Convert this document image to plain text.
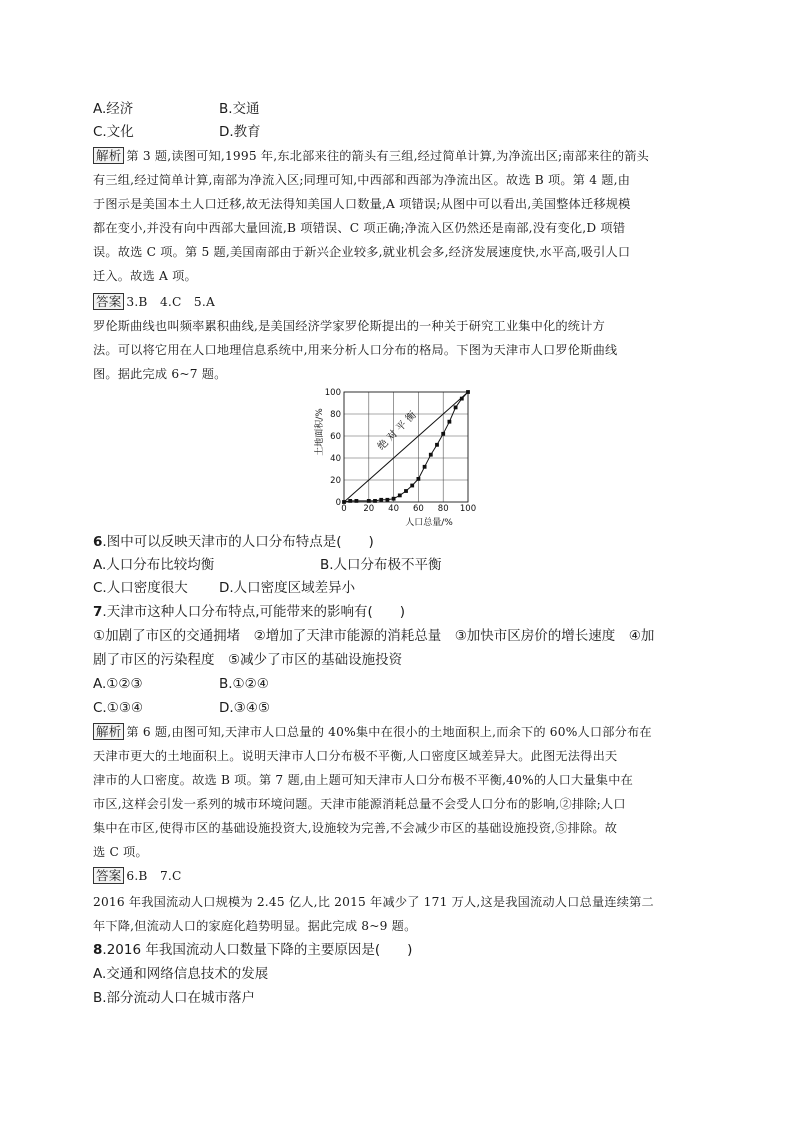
A.经济	B.交通
C.文化	D.教育
解析 第 3 题,读图可知,1995 年,东北部来往的箭头有三组,经过简单计算,为净流出区;南部来往的箭头
有三组,经过简单计算,南部为净流入区;同理可知,中西部和西部为净流出区。故选 B 项。第 4 题,由
于图示是美国本土人口迁移,故无法得知美国人口数量,A 项错误;从图中可以看出,美国整体迁移规模
都在变小,并没有向中西部大量回流,B 项错误、C 项正确;净流入区仍然还是南部,没有变化,D 项错
误。故选 C 项。第 5 题,美国南部由于新兴企业较多,就业机会多,经济发展速度快,水平高,吸引人口
迁入。故选 A 项。
答案 3.B　4.C　5.A
罗伦斯曲线也叫频率累积曲线,是美国经济学家罗伦斯提出的一种关于研究工业集中化的统计方
法。可以将它用在人口地理信息系统中,用来分析人口分布的格局。下图为天津市人口罗伦斯曲线
图。据此完成 6~7 题。
0 20 40 60 80 100
0
20
40
60
80
100
绝 对 平 衡
人口总量/%
土地面积/%
6.图中可以反映天津市的人口分布特点是(　　)
A.人口分布比较均衡	B.人口分布极不平衡
C.人口密度很大 D.人口密度区域差异小
7.天津市这种人口分布特点,可能带来的影响有(　　)
①加剧了市区的交通拥堵　②增加了天津市能源的消耗总量　③加快市区房价的增长速度　④加
剧了市区的污染程度　⑤减少了市区的基础设施投资
A.①②③	B.①②④
C.①③④	D.③④⑤
解析 第 6 题,由图可知,天津市人口总量的 40%集中在很小的土地面积上,而余下的 60%人口部分布在
天津市更大的土地面积上。说明天津市人口分布极不平衡,人口密度区域差异大。此图无法得出天
津市的人口密度。故选 B 项。第 7 题,由上题可知天津市人口分布极不平衡,40%的人口大量集中在
市区,这样会引发一系列的城市环境问题。天津市能源消耗总量不会受人口分布的影响,②排除;人口
集中在市区,使得市区的基础设施投资大,设施较为完善,不会减少市区的基础设施投资,⑤排除。故
选 C 项。
答案 6.B　7.C
2016 年我国流动人口规模为 2.45 亿人,比 2015 年减少了 171 万人,这是我国流动人口总量连续第二
年下降,但流动人口的家庭化趋势明显。据此完成 8~9 题。
8.2016 年我国流动人口数量下降的主要原因是(　　)
A.交通和网络信息技术的发展
B.部分流动人口在城市落户
